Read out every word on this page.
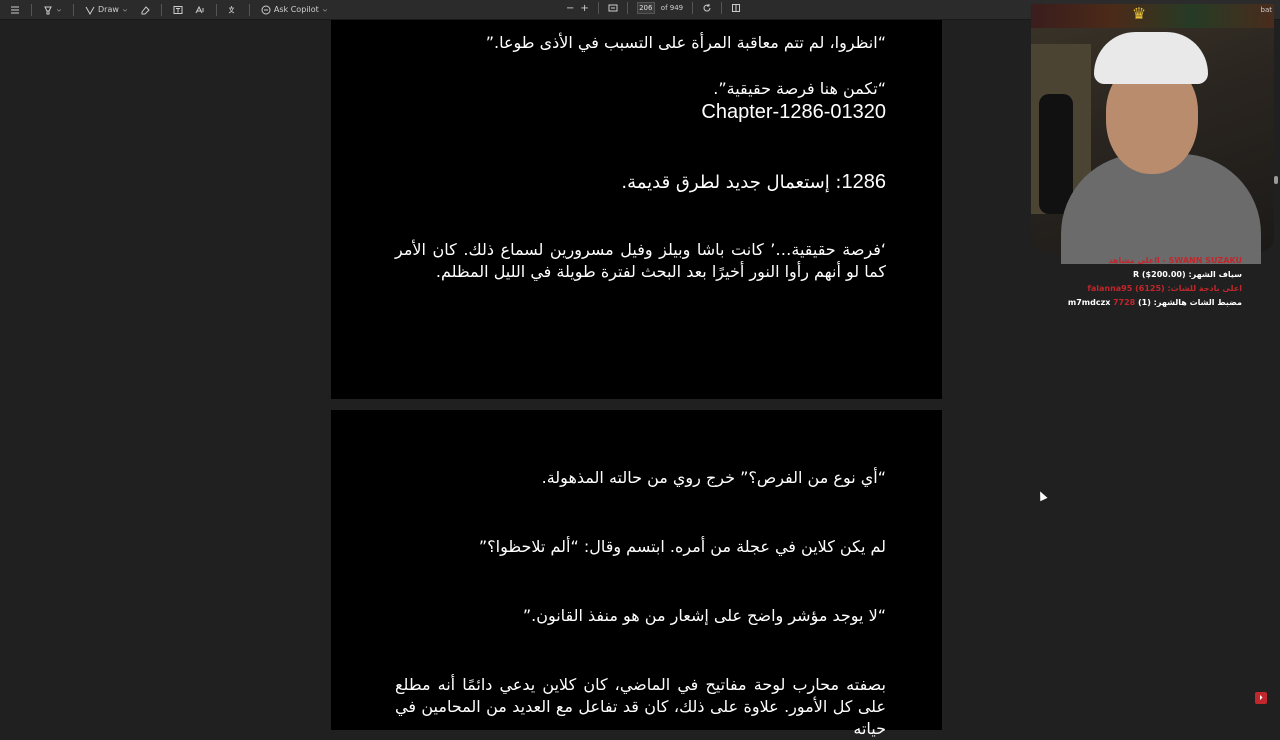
Draw	Ask Copilot	− +	206	of 949
“انظروا، لم تتم معاقبة المرأة على التسبب في الأذى طوعا.”
“تكمن هنا فرصة حقيقية”.
Chapter-1286-01320
1286: إستعمال جديد لطرق قديمة.
‘فرصة حقيقية…’ كانت باشا وبيلز وفيل مسرورين لسماع ذلك. كان الأمر كما لو أنهم رأوا النور أخيرًا بعد البحث لفترة طويلة في الليل المظلم.
“أي نوع من الفرص؟” خرج روي من حالته المذهولة.
لم يكن كلاين في عجلة من أمره. ابتسم وقال: “ألم تلاحظوا؟”
“لا يوجد مؤشر واضح على إشعار من هو منفذ القانون.”
بصفته محارب لوحة مفاتيح في الماضي، كان كلاين يدعي دائمًا أنه مطلع على كل الأمور. علاوة على ذلك، كان قد تفاعل مع العديد من المحامين في حياته
♛	bat
SWANN SUZAKU - ااعلى مشاهد
سياف الشهر: R ($200.00)
اعلى بادجة للشات: (6125) falanna95
مضبط الشات هالشهر: (1) m7mdczx 7728
⏵
